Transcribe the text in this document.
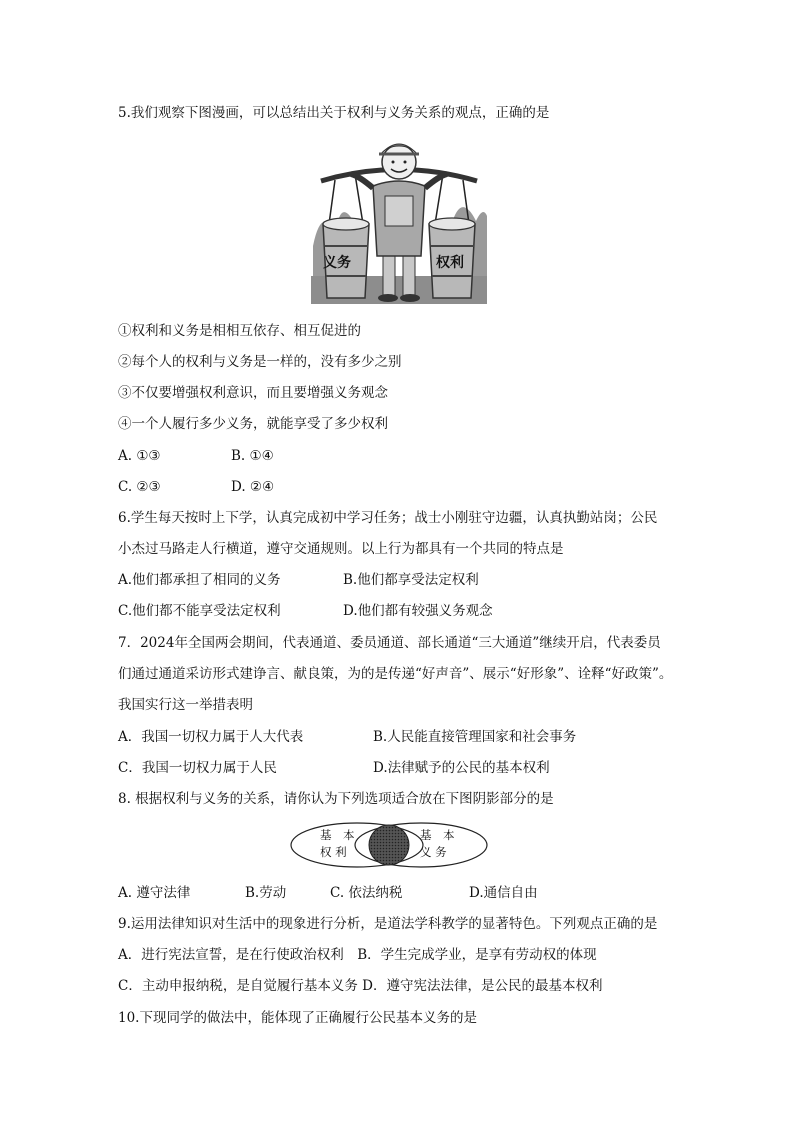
5.我们观察下图漫画，可以总结出关于权利与义务关系的观点，正确的是
义务	权利
①权利和义务是相相互依存、相互促进的
②每个人的权利与义务是一样的，没有多少之别
③不仅要增强权利意识，而且要增强义务观念
④一个人履行多少义务，就能享受了多少权利
A. ①③	B. ①④
C. ②③	D. ②④
6.学生每天按时上下学，认真完成初中学习任务；战士小刚驻守边疆，认真执勤站岗；公民
小杰过马路走人行横道，遵守交通规则。以上行为都具有一个共同的特点是
A.他们都承担了相同的义务	B.他们都享受法定权利
C.他们都不能享受法定权利	D.他们都有较强义务观念
7．2024年全国两会期间，代表通道、委员通道、部长通道“三大通道”继续开启，代表委员
们通过通道采访形式建诤言、献良策，为的是传递“好声音”、展示“好形象”、诠释“好政策”。
我国实行这一举措表明
A．我国一切权力属于人大代表	B.人民能直接管理国家和社会事务
C．我国一切权力属于人民	D.法律赋予的公民的基本权利
8. 根据权利与义务的关系，请你认为下列选项适合放在下图阴影部分的是
基　本
权 利
基　本
义 务
A. 遵守法律	B.劳动	C. 依法纳税	D.通信自由
9.运用法律知识对生活中的现象进行分析，是道法学科教学的显著特色。下列观点正确的是
A．进行宪法宣誓，是在行使政治权利　B．学生完成学业，是享有劳动权的体现
C．主动申报纳税，是自觉履行基本义务 D．遵守宪法法律，是公民的最基本权利
10.下现同学的做法中，能体现了正确履行公民基本义务的是
